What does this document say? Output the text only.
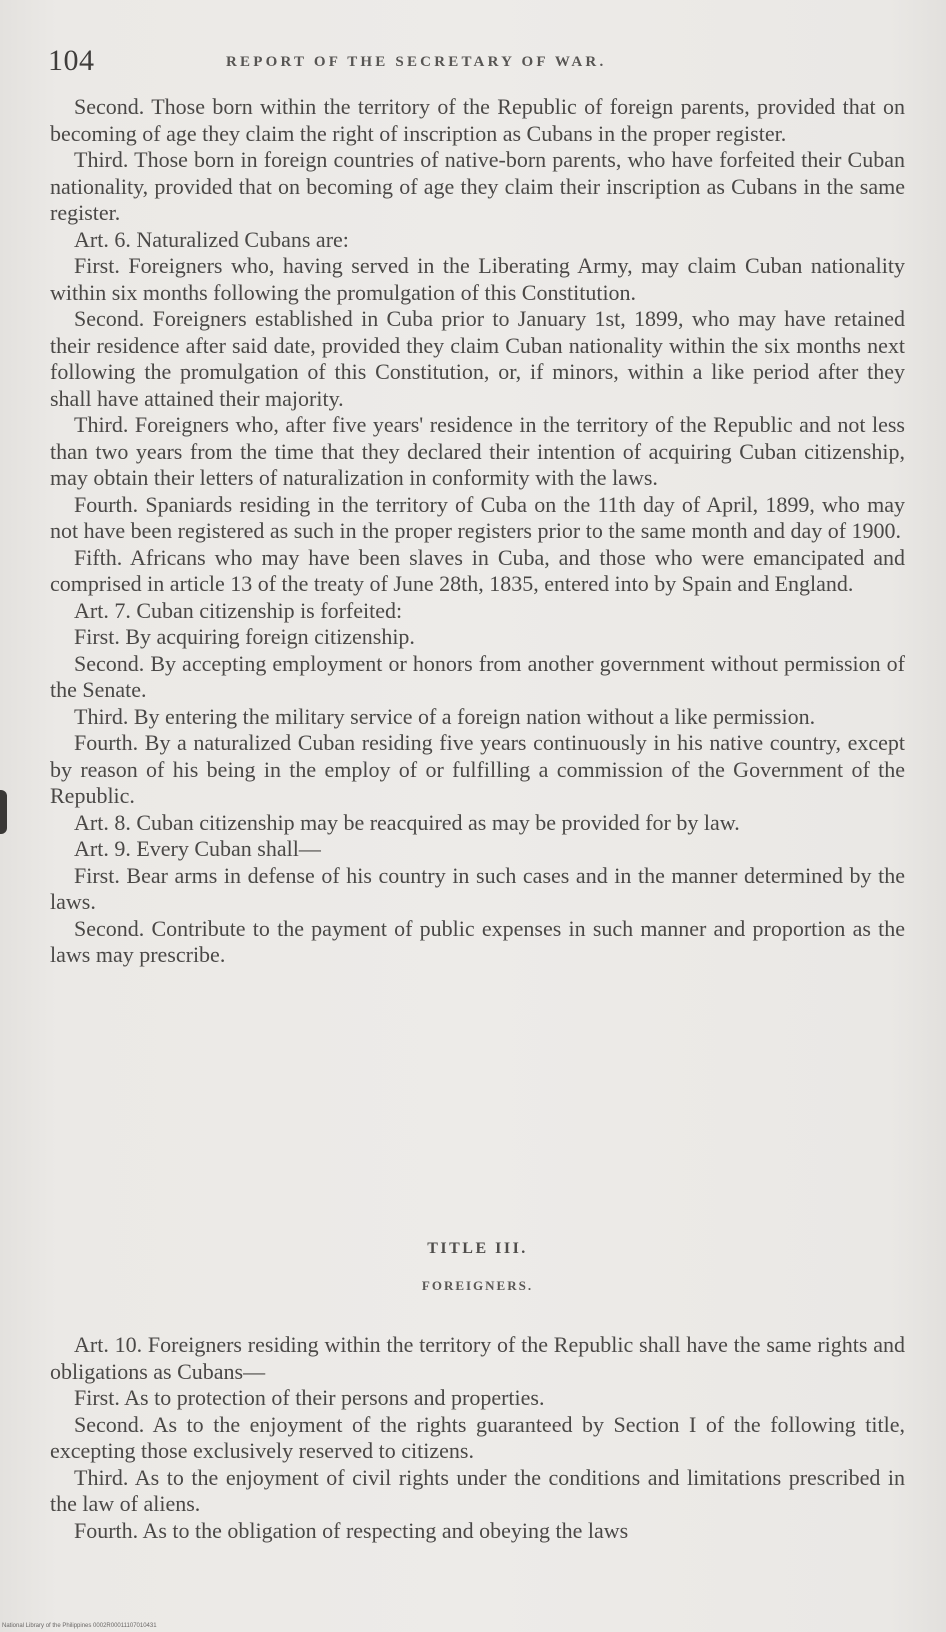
104	REPORT OF THE SECRETARY OF WAR.

Second. Those born within the territory of the Republic of foreign parents, provided that on becoming of age they claim the right of inscription as Cubans in the proper register.

Third. Those born in foreign countries of native-born parents, who have forfeited their Cuban nationality, provided that on becoming of age they claim their inscription as Cubans in the same register.

Art. 6. Naturalized Cubans are:

First. Foreigners who, having served in the Liberating Army, may claim Cuban nationality within six months following the promulgation of this Constitution.

Second. Foreigners established in Cuba prior to January 1st, 1899, who may have retained their residence after said date, provided they claim Cuban nationality within the six months next following the promulgation of this Constitution, or, if minors, within a like period after they shall have attained their majority.

Third. Foreigners who, after five years' residence in the territory of the Republic and not less than two years from the time that they declared their intention of acquiring Cuban citizenship, may obtain their letters of naturalization in conformity with the laws.

Fourth. Spaniards residing in the territory of Cuba on the 11th day of April, 1899, who may not have been registered as such in the proper registers prior to the same month and day of 1900.

Fifth. Africans who may have been slaves in Cuba, and those who were emancipated and comprised in article 13 of the treaty of June 28th, 1835, entered into by Spain and England.

Art. 7. Cuban citizenship is forfeited:

First. By acquiring foreign citizenship.

Second. By accepting employment or honors from another government without permission of the Senate.

Third. By entering the military service of a foreign nation without a like permission.

Fourth. By a naturalized Cuban residing five years continuously in his native country, except by reason of his being in the employ of or fulfilling a commission of the Government of the Republic.

Art. 8. Cuban citizenship may be reacquired as may be provided for by law.

Art. 9. Every Cuban shall—

First. Bear arms in defense of his country in such cases and in the manner determined by the laws.

Second. Contribute to the payment of public expenses in such manner and proportion as the laws may prescribe.

TITLE III.

FOREIGNERS.

Art. 10. Foreigners residing within the territory of the Republic shall have the same rights and obligations as Cubans—

First. As to protection of their persons and properties.

Second. As to the enjoyment of the rights guaranteed by Section I of the following title, excepting those exclusively reserved to citizens.

Third. As to the enjoyment of civil rights under the conditions and limitations prescribed in the law of aliens.

Fourth. As to the obligation of respecting and obeying the laws

National Library of the Philippines 0002R00011107010431
